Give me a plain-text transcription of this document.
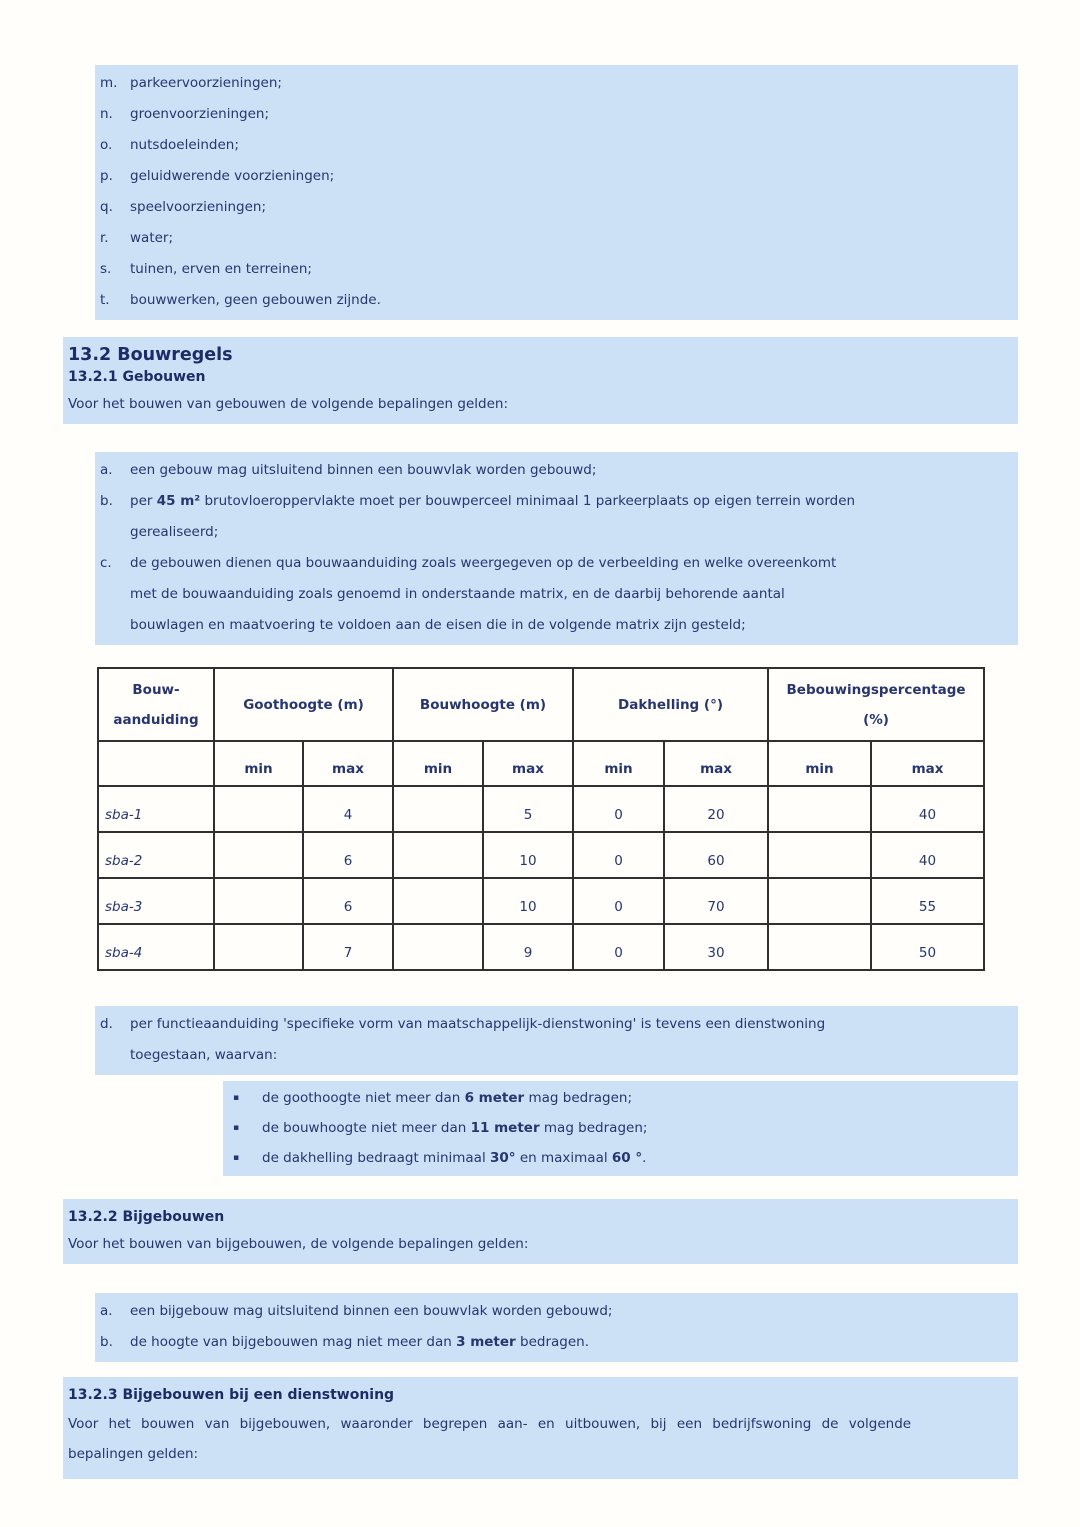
m. parkeervoorzieningen;
n.	groenvoorzieningen;
o.	nutsdoeleinden;
p.	geluidwerende voorzieningen;
q.	speelvoorzieningen;
r.	water;
s.	tuinen, erven en terreinen;
t.	bouwwerken, geen gebouwen zijnde.
13.2 Bouwregels
13.2.1 Gebouwen

Voor het bouwen van gebouwen de volgende bepalingen gelden:

a.	een gebouw mag uitsluitend binnen een bouwvlak worden gebouwd;
b.	per 45 m² brutovloeroppervlakte moet per bouwperceel minimaal 1 parkeerplaats op eigen terrein worden
gerealiseerd;
c.	de gebouwen dienen qua bouwaanduiding zoals weergegeven op de verbeelding en welke overeenkomt
met de bouwaanduiding zoals genoemd in onderstaande matrix, en de daarbij behorende aantal
bouwlagen en maatvoering te voldoen aan de eisen die in de volgende matrix zijn gesteld;
Bouw-
aanduiding	Goothoogte (m)		Bouwhoogte (m)		Dakhelling (°)		Bebouwingspercentage
(%)	
	min	max	min	max	min	max	min	max
sba-1		4		5	0	20		40
sba-2		6		10	0	60		40
sba-3		6		10	0	70		55
sba-4		7		9	0	30		50
d.	per functieaanduiding 'specifieke vorm van maatschappelijk-dienstwoning' is tevens een dienstwoning
toegestaan, waarvan:
▪	de goothoogte niet meer dan 6 meter mag bedragen;
▪	de bouwhoogte niet meer dan 11 meter mag bedragen;
▪	de dakhelling bedraagt minimaal 30° en maximaal 60 °.
13.2.2 Bijgebouwen

Voor het bouwen van bijgebouwen, de volgende bepalingen gelden:

a.	een bijgebouw mag uitsluitend binnen een bouwvlak worden gebouwd;
b.	de hoogte van bijgebouwen mag niet meer dan 3 meter bedragen.
13.2.3 Bijgebouwen bij een dienstwoning

Voor het bouwen van bijgebouwen, waaronder begrepen aan- en uitbouwen, bij een bedrijfswoning de volgende
bepalingen gelden:
